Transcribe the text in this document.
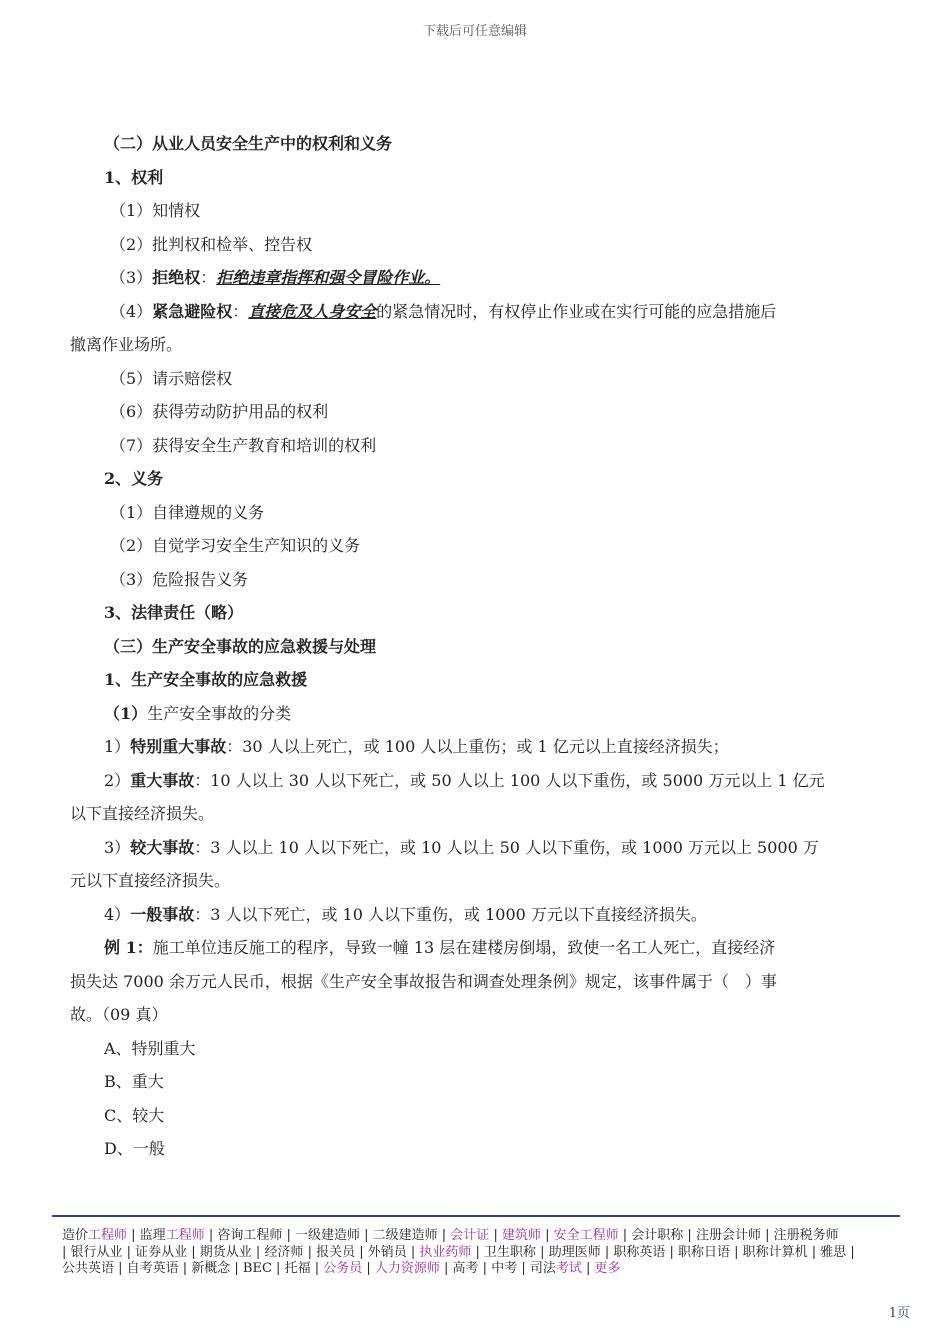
下载后可任意编辑
（二）从业人员安全生产中的权利和义务
1、权利
（1）知情权
（2）批判权和检举、控告权
（3）拒绝权：拒绝违章指挥和强令冒险作业。
（4）紧急避险权：直接危及人身安全的紧急情况时，有权停止作业或在实行可能的应急措施后
撤离作业场所。
（5）请示赔偿权
（6）获得劳动防护用品的权利
（7）获得安全生产教育和培训的权利
2、义务
（1）自律遵规的义务
（2）自觉学习安全生产知识的义务
（3）危险报告义务
3、法律责任（略）
（三）生产安全事故的应急救援与处理
1、生产安全事故的应急救援
（1）生产安全事故的分类
1）特别重大事故：30 人以上死亡，或 100 人以上重伤；或 1 亿元以上直接经济损失；
2）重大事故：10 人以上 30 人以下死亡，或 50 人以上 100 人以下重伤，或 5000 万元以上 1 亿元
以下直接经济损失。
3）较大事故：3 人以上 10 人以下死亡，或 10 人以上 50 人以下重伤，或 1000 万元以上 5000 万
元以下直接经济损失。
4）一般事故：3 人以下死亡，或 10 人以下重伤，或 1000 万元以下直接经济损失。
例 1：施工单位违反施工的程序，导致一幢 13 层在建楼房倒塌，致使一名工人死亡，直接经济
损失达 7000 余万元人民币，根据《生产安全事故报告和调查处理条例》规定，该事件属于（　）事
故。（09 真）
A、特别重大
B、重大
C、较大
D、一般
造价工程师 | 监理工程师 | 咨询工程师 | 一级建造师 | 二级建造师 | 会计证 | 建筑师 | 安全工程师 | 会计职称 | 注册会计师 | 注册税务师
| 银行从业 | 证券从业 | 期货从业 | 经济师 | 报关员 | 外销员 | 执业药师 | 卫生职称 | 助理医师 | 职称英语 | 职称日语 | 职称计算机 | 雅思 |
公共英语 | 自考英语 | 新概念 | BEC | 托福 | 公务员 | 人力资源师 | 高考 | 中考 | 司法考试 | 更多
1页
